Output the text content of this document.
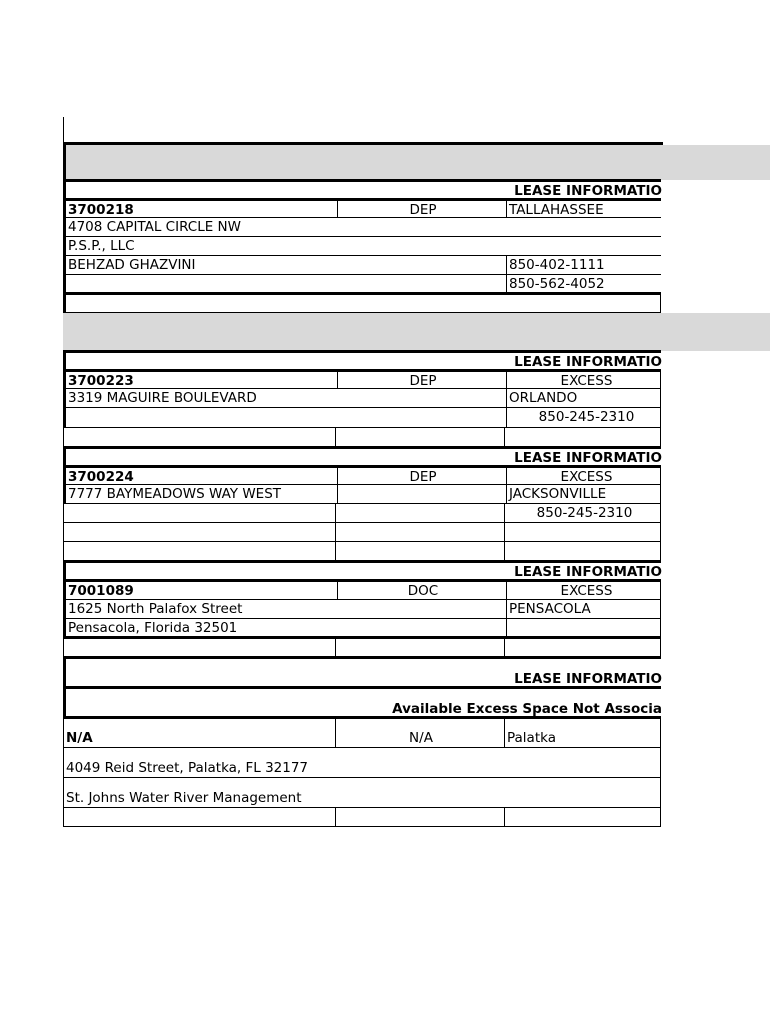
LEASE INFORMATIO
3700218	DEP	TALLAHASSEE
4708 CAPITAL CIRCLE NW
P.S.P., LLC
BEHZAD GHAZVINI	850-402-1111
850-562-4052
LEASE INFORMATIO
3700223	DEP	EXCESS
3319 MAGUIRE BOULEVARD	ORLANDO
850-245-2310
LEASE INFORMATIO
3700224	DEP	EXCESS
7777 BAYMEADOWS WAY WEST	JACKSONVILLE
850-245-2310
LEASE INFORMATIO
7001089	DOC	EXCESS
1625 North Palafox Street	PENSACOLA
Pensacola, Florida 32501
LEASE INFORMATIO
Available Excess Space Not Associa
N/A	N/A	Palatka
4049 Reid Street, Palatka, FL 32177
St. Johns Water River Management
